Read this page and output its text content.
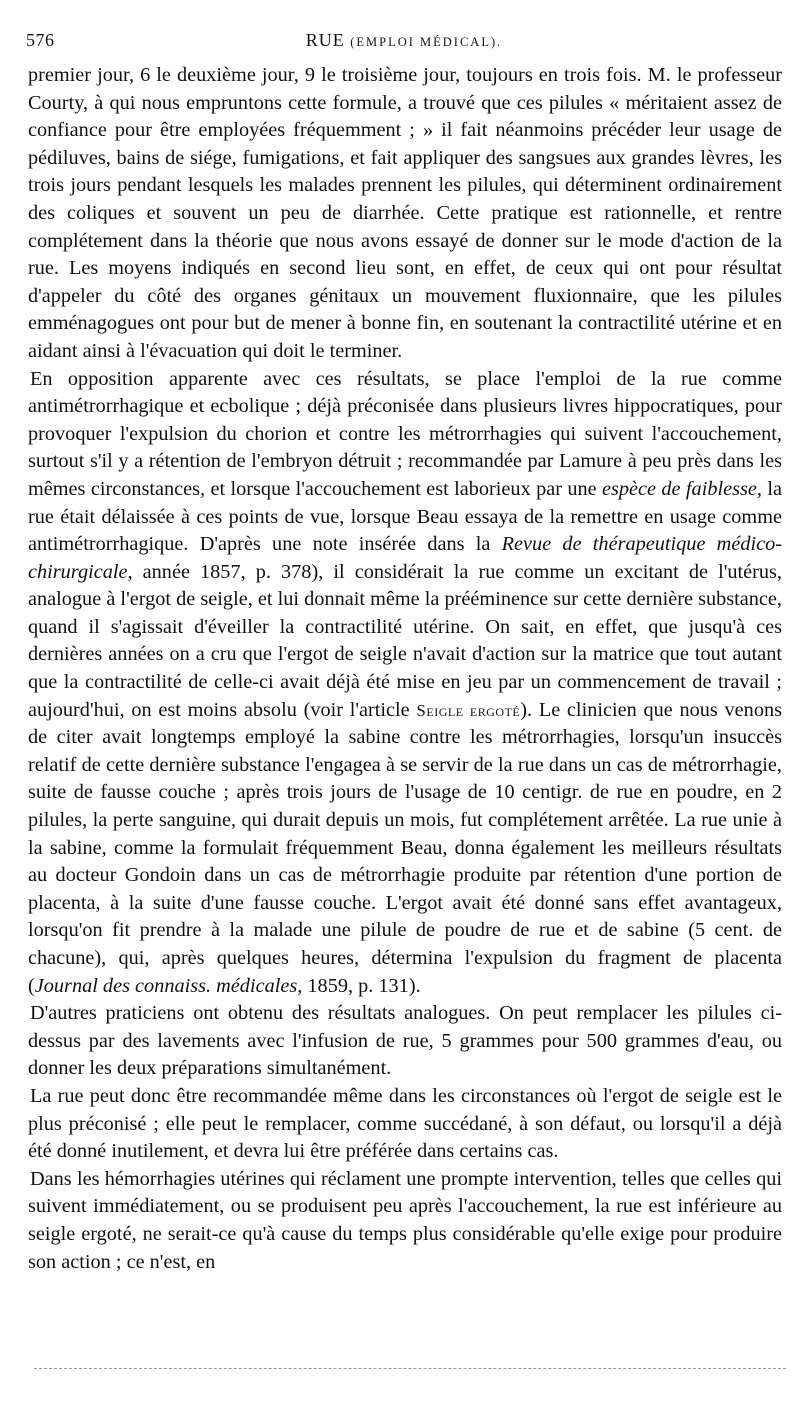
576	RUE (EMPLOI MÉDICAL).

premier jour, 6 le deuxième jour, 9 le troisième jour, toujours en trois fois. M. le professeur Courty, à qui nous empruntons cette formule, a trouvé que ces pilules « méritaient assez de confiance pour être employées fréquemment ; » il fait néanmoins précéder leur usage de pédiluves, bains de siége, fumigations, et fait appliquer des sangsues aux grandes lèvres, les trois jours pendant lesquels les malades prennent les pilules, qui déterminent ordinairement des coliques et souvent un peu de diarrhée. Cette pratique est rationnelle, et rentre complétement dans la théorie que nous avons essayé de donner sur le mode d'action de la rue. Les moyens indiqués en second lieu sont, en effet, de ceux qui ont pour résultat d'appeler du côté des organes génitaux un mouvement fluxionnaire, que les pilules emménagogues ont pour but de mener à bonne fin, en soutenant la contractilité utérine et en aidant ainsi à l'évacuation qui doit le terminer.

En opposition apparente avec ces résultats, se place l'emploi de la rue comme antimétrorrhagique et ecbolique ; déjà préconisée dans plusieurs livres hippocratiques, pour provoquer l'expulsion du chorion et contre les métrorrhagies qui suivent l'accouchement, surtout s'il y a rétention de l'embryon détruit ; recommandée par Lamure à peu près dans les mêmes circonstances, et lorsque l'accouchement est laborieux par une espèce de faiblesse, la rue était délaissée à ces points de vue, lorsque Beau essaya de la remettre en usage comme antimétrorrhagique. D'après une note insérée dans la Revue de thérapeutique médico-chirurgicale, année 1857, p. 378), il considérait la rue comme un excitant de l'utérus, analogue à l'ergot de seigle, et lui donnait même la prééminence sur cette dernière substance, quand il s'agissait d'éveiller la contractilité utérine. On sait, en effet, que jusqu'à ces dernières années on a cru que l'ergot de seigle n'avait d'action sur la matrice que tout autant que la contractilité de celle-ci avait déjà été mise en jeu par un commencement de travail ; aujourd'hui, on est moins absolu (voir l'article Seigle ergoté). Le clinicien que nous venons de citer avait longtemps employé la sabine contre les métrorrhagies, lorsqu'un insuccès relatif de cette dernière substance l'engagea à se servir de la rue dans un cas de métrorrhagie, suite de fausse couche ; après trois jours de l'usage de 10 centigr. de rue en poudre, en 2 pilules, la perte sanguine, qui durait depuis un mois, fut complétement arrêtée. La rue unie à la sabine, comme la formulait fréquemment Beau, donna également les meilleurs résultats au docteur Gondoin dans un cas de métrorrhagie produite par rétention d'une portion de placenta, à la suite d'une fausse couche. L'ergot avait été donné sans effet avantageux, lorsqu'on fit prendre à la malade une pilule de poudre de rue et de sabine (5 cent. de chacune), qui, après quelques heures, détermina l'expulsion du fragment de placenta (Journal des connaiss. médicales, 1859, p. 131).

D'autres praticiens ont obtenu des résultats analogues. On peut remplacer les pilules ci-dessus par des lavements avec l'infusion de rue, 5 grammes pour 500 grammes d'eau, ou donner les deux préparations simultanément.

La rue peut donc être recommandée même dans les circonstances où l'ergot de seigle est le plus préconisé ; elle peut le remplacer, comme succédané, à son défaut, ou lorsqu'il a déjà été donné inutilement, et devra lui être préférée dans certains cas.

Dans les hémorrhagies utérines qui réclament une prompte intervention, telles que celles qui suivent immédiatement, ou se produisent peu après l'accouchement, la rue est inférieure au seigle ergoté, ne serait-ce qu'à cause du temps plus considérable qu'elle exige pour produire son action ; ce n'est, en
